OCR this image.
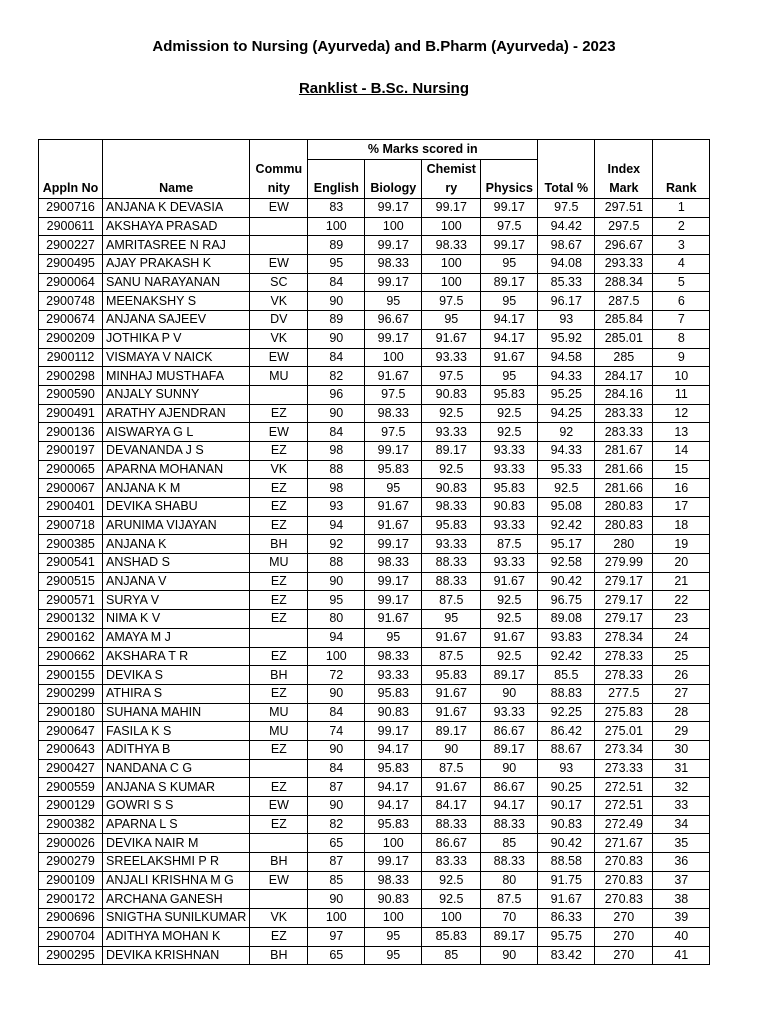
Admission to Nursing (Ayurveda) and B.Pharm (Ayurveda) - 2023
Ranklist - B.Sc. Nursing
			% Marks scored in						
		Commu			Chemist			Index	
Appln No	Name	nity	English	Biology	ry	Physics	Total %	Mark	Rank
2900716	ANJANA K DEVASIA	EW	83	99.17	99.17	99.17	97.5	297.51	1
2900611	AKSHAYA PRASAD		100	100	100	97.5	94.42	297.5	2
2900227	AMRITASREE N RAJ		89	99.17	98.33	99.17	98.67	296.67	3
2900495	AJAY PRAKASH K	EW	95	98.33	100	95	94.08	293.33	4
2900064	SANU NARAYANAN	SC	84	99.17	100	89.17	85.33	288.34	5
2900748	MEENAKSHY S	VK	90	95	97.5	95	96.17	287.5	6
2900674	ANJANA SAJEEV	DV	89	96.67	95	94.17	93	285.84	7
2900209	JOTHIKA P V	VK	90	99.17	91.67	94.17	95.92	285.01	8
2900112	VISMAYA V NAICK	EW	84	100	93.33	91.67	94.58	285	9
2900298	MINHAJ MUSTHAFA	MU	82	91.67	97.5	95	94.33	284.17	10
2900590	ANJALY SUNNY		96	97.5	90.83	95.83	95.25	284.16	11
2900491	ARATHY AJENDRAN	EZ	90	98.33	92.5	92.5	94.25	283.33	12
2900136	AISWARYA G L	EW	84	97.5	93.33	92.5	92	283.33	13
2900197	DEVANANDA J S	EZ	98	99.17	89.17	93.33	94.33	281.67	14
2900065	APARNA MOHANAN	VK	88	95.83	92.5	93.33	95.33	281.66	15
2900067	ANJANA K M	EZ	98	95	90.83	95.83	92.5	281.66	16
2900401	DEVIKA SHABU	EZ	93	91.67	98.33	90.83	95.08	280.83	17
2900718	ARUNIMA VIJAYAN	EZ	94	91.67	95.83	93.33	92.42	280.83	18
2900385	ANJANA K	BH	92	99.17	93.33	87.5	95.17	280	19
2900541	ANSHAD S	MU	88	98.33	88.33	93.33	92.58	279.99	20
2900515	ANJANA V	EZ	90	99.17	88.33	91.67	90.42	279.17	21
2900571	SURYA V	EZ	95	99.17	87.5	92.5	96.75	279.17	22
2900132	NIMA K V	EZ	80	91.67	95	92.5	89.08	279.17	23
2900162	AMAYA M J		94	95	91.67	91.67	93.83	278.34	24
2900662	AKSHARA T R	EZ	100	98.33	87.5	92.5	92.42	278.33	25
2900155	DEVIKA S	BH	72	93.33	95.83	89.17	85.5	278.33	26
2900299	ATHIRA S	EZ	90	95.83	91.67	90	88.83	277.5	27
2900180	SUHANA MAHIN	MU	84	90.83	91.67	93.33	92.25	275.83	28
2900647	FASILA K S	MU	74	99.17	89.17	86.67	86.42	275.01	29
2900643	ADITHYA B	EZ	90	94.17	90	89.17	88.67	273.34	30
2900427	NANDANA C G		84	95.83	87.5	90	93	273.33	31
2900559	ANJANA S KUMAR	EZ	87	94.17	91.67	86.67	90.25	272.51	32
2900129	GOWRI S S	EW	90	94.17	84.17	94.17	90.17	272.51	33
2900382	APARNA L S	EZ	82	95.83	88.33	88.33	90.83	272.49	34
2900026	DEVIKA NAIR M		65	100	86.67	85	90.42	271.67	35
2900279	SREELAKSHMI P R	BH	87	99.17	83.33	88.33	88.58	270.83	36
2900109	ANJALI KRISHNA M G	EW	85	98.33	92.5	80	91.75	270.83	37
2900172	ARCHANA GANESH		90	90.83	92.5	87.5	91.67	270.83	38
2900696	SNIGTHA SUNILKUMAR	VK	100	100	100	70	86.33	270	39
2900704	ADITHYA MOHAN K	EZ	97	95	85.83	89.17	95.75	270	40
2900295	DEVIKA KRISHNAN	BH	65	95	85	90	83.42	270	41
